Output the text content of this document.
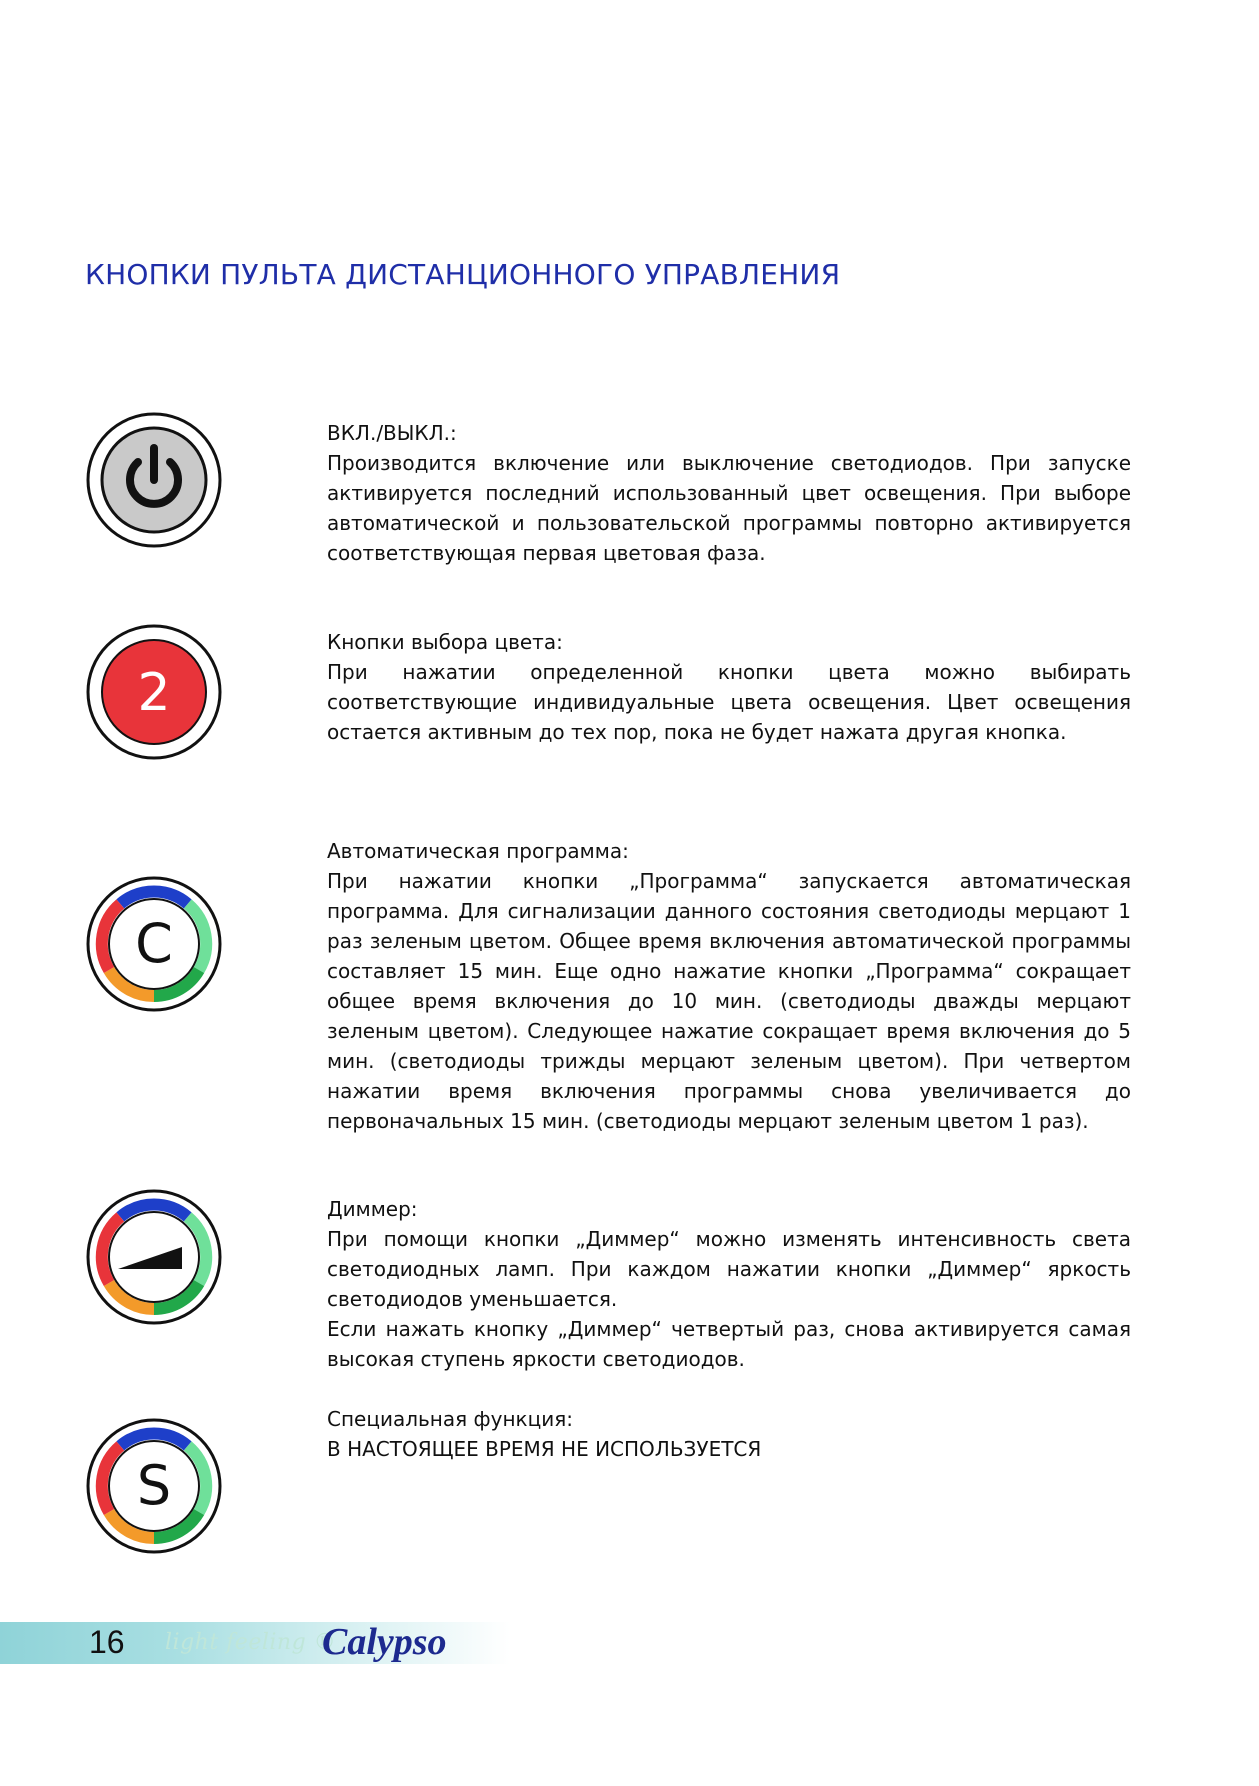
КНОПКИ ПУЛЬТА ДИСТАНЦИОННОГО УПРАВЛЕНИЯ
ВКЛ./ВЫКЛ.:

Производится включение или выключение светодиодов. При запуске активируется последний использованный цвет освещения. При выборе автоматической и пользовательской программы повторно активируется соответствующая первая цветовая фаза.

2
Кнопки выбора цвета:

При нажатии определенной кнопки цвета можно выбирать соответствующие индивидуальные цвета освещения. Цвет освещения остается активным до тех пор, пока не будет нажата другая кнопка.

C
Автоматическая программа:

При нажатии кнопки „Программа“ запускается автоматическая программа. Для сигнализации данного состояния светодиоды мерцают 1 раз зеленым цветом. Общее время включения автоматической программы составляет 15 мин. Еще одно нажатие кнопки „Программа“ сокращает общее время включения до 10 мин. (светодиоды дважды мерцают зеленым цветом). Следующее нажатие сокращает время включения до 5 мин. (светодиоды трижды мерцают зеленым цветом). При четвертом нажатии время включения программы снова увеличивается до первоначальных 15 мин. (светодиоды мерцают зеленым цветом 1 раз).

Диммер:

При помощи кнопки „Диммер“ можно изменять интенсивность света светодиодных ламп. При каждом нажатии кнопки „Диммер“ яркость светодиодов уменьшается.

Если нажать кнопку „Диммер“ четвертый раз, снова активируется самая высокая ступень яркости светодиодов.

S
Специальная функция:

В НАСТОЯЩЕЕ ВРЕМЯ НЕ ИСПОЛЬЗУЕТСЯ

16 light feeling ®
Calypso
